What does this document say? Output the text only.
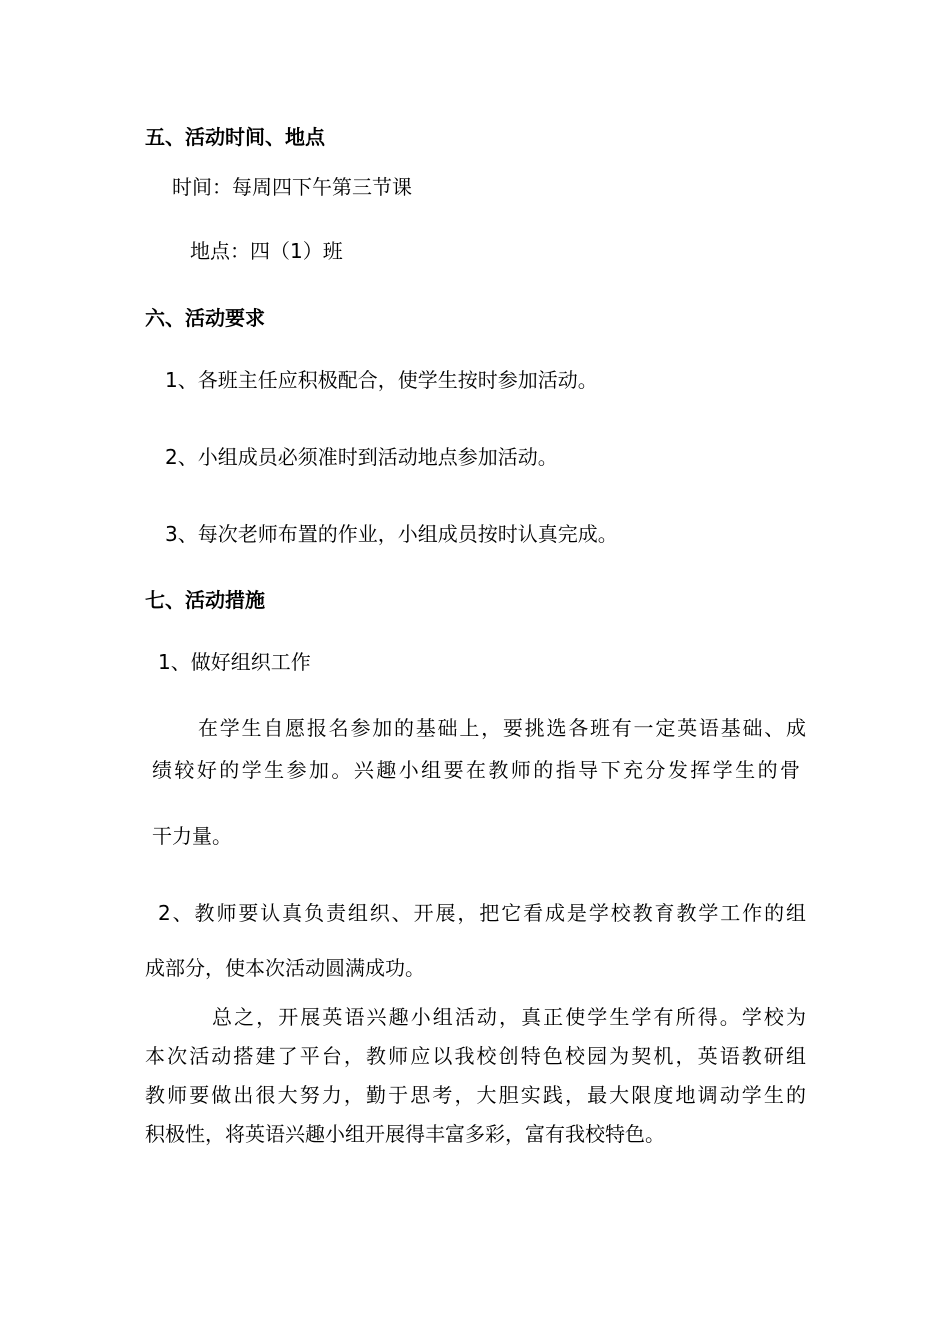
五、活动时间、地点
时间：每周四下午第三节课
地点：四（1）班
六、活动要求
1、各班主任应积极配合，使学生按时参加活动。
2、小组成员必须准时到活动地点参加活动。
3、每次老师布置的作业，小组成员按时认真完成。
七、活动措施
1、做好组织工作
在学生自愿报名参加的基础上，要挑选各班有一定英语基础、成
绩较好的学生参加。兴趣小组要在教师的指导下充分发挥学生的骨
干力量。
2、教师要认真负责组织、开展，把它看成是学校教育教学工作的组
成部分，使本次活动圆满成功。
总之，开展英语兴趣小组活动，真正使学生学有所得。学校为
本次活动搭建了平台，教师应以我校创特色校园为契机，英语教研组
教师要做出很大努力，勤于思考，大胆实践，最大限度地调动学生的
积极性，将英语兴趣小组开展得丰富多彩，富有我校特色。
